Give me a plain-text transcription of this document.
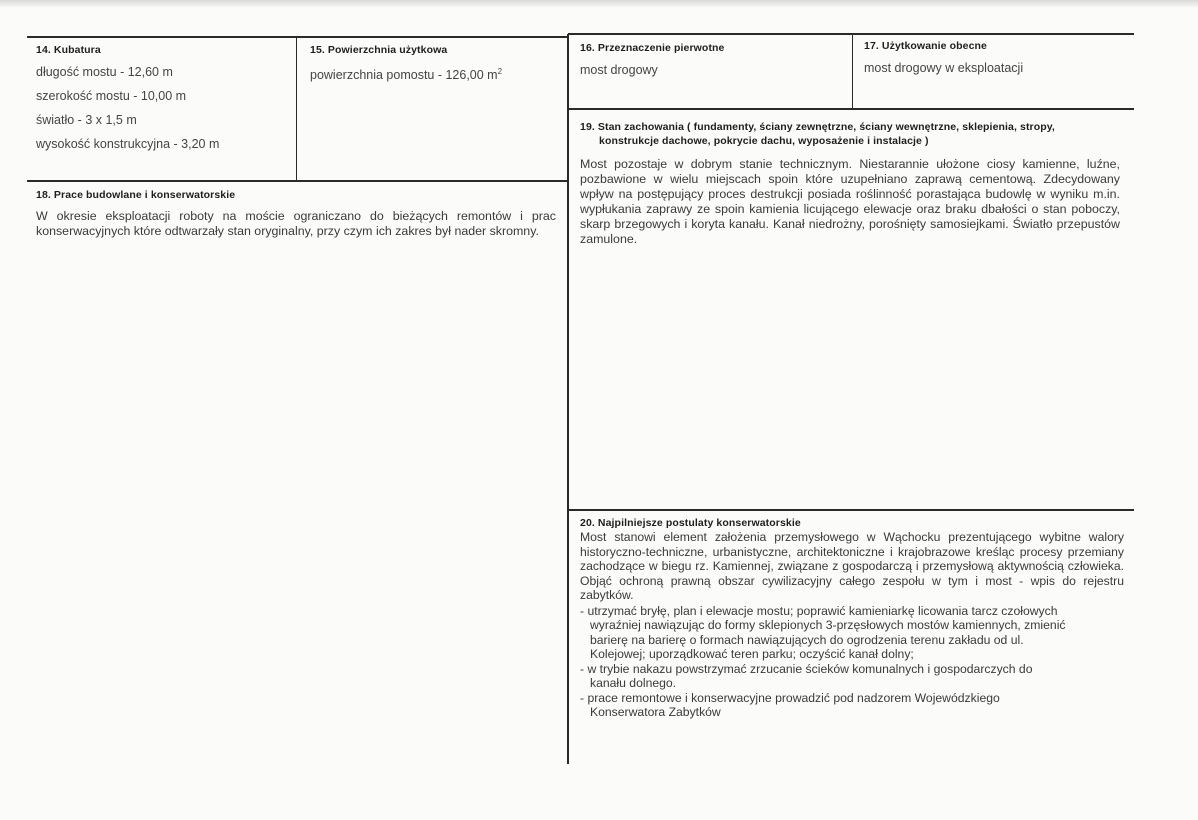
14. Kubatura
długość mostu - 12,60 m
szerokość mostu - 10,00 m
światło - 3 x 1,5 m
wysokość konstrukcyjna - 3,20 m
15. Powierzchnia użytkowa
powierzchnia pomostu - 126,00 $m^2$
16. Przeznaczenie pierwotne
most drogowy
17. Użytkowanie obecne
most drogowy w eksploatacji
18. Prace budowlane i konserwatorskie
W okresie eksploatacji roboty na moście ograniczano do bieżących remontów i prac konserwacyjnych które odtwarzały stan oryginalny, przy czym ich zakres był nader skromny.
19. Stan zachowania ( fundamenty, ściany zewnętrzne, ściany wewnętrzne, sklepienia, stropy,
konstrukcje dachowe, pokrycie dachu, wyposażenie i instalacje )
Most pozostaje w dobrym stanie technicznym. Niestarannie ułożone ciosy kamienne, luźne, pozbawione w wielu miejscach spoin które uzupełniano zaprawą cementową. Zdecydowany wpływ na postępujący proces destrukcji posiada roślinność porastająca budowlę w wyniku m.in. wypłukania zaprawy ze spoin kamienia licującego elewacje oraz braku dbałości o stan poboczy, skarp brzegowych i koryta kanału. Kanał niedrożny, porośnięty samosiejkami. Światło przepustów zamulone.
20. Najpilniejsze postulaty konserwatorskie
Most stanowi element założenia przemysłowego w Wąchocku prezentującego wybitne walory historyczno-techniczne, urbanistyczne, architektoniczne i krajobrazowe kreśląc procesy przemiany zachodzące w biegu rz. Kamiennej, związane z gospodarczą i przemysłową aktywnością człowieka. Objąć ochroną prawną obszar cywilizacyjny całego zespołu w tym i most - wpis do rejestru zabytków.
- utrzymać bryłę, plan i elewacje mostu; poprawić kamieniarkę licowania tarcz czołowych
wyraźniej nawiązując do formy sklepionych 3-przęsłowych mostów kamiennych, zmienić
barierę na barierę o formach nawiązujących do ogrodzenia terenu zakładu od ul.
Kolejowej; uporządkować teren parku; oczyścić kanał dolny;
- w trybie nakazu powstrzymać zrzucanie ścieków komunalnych i gospodarczych do
kanału dolnego.
- prace remontowe i konserwacyjne prowadzić pod nadzorem Wojewódzkiego
Konserwatora Zabytków
